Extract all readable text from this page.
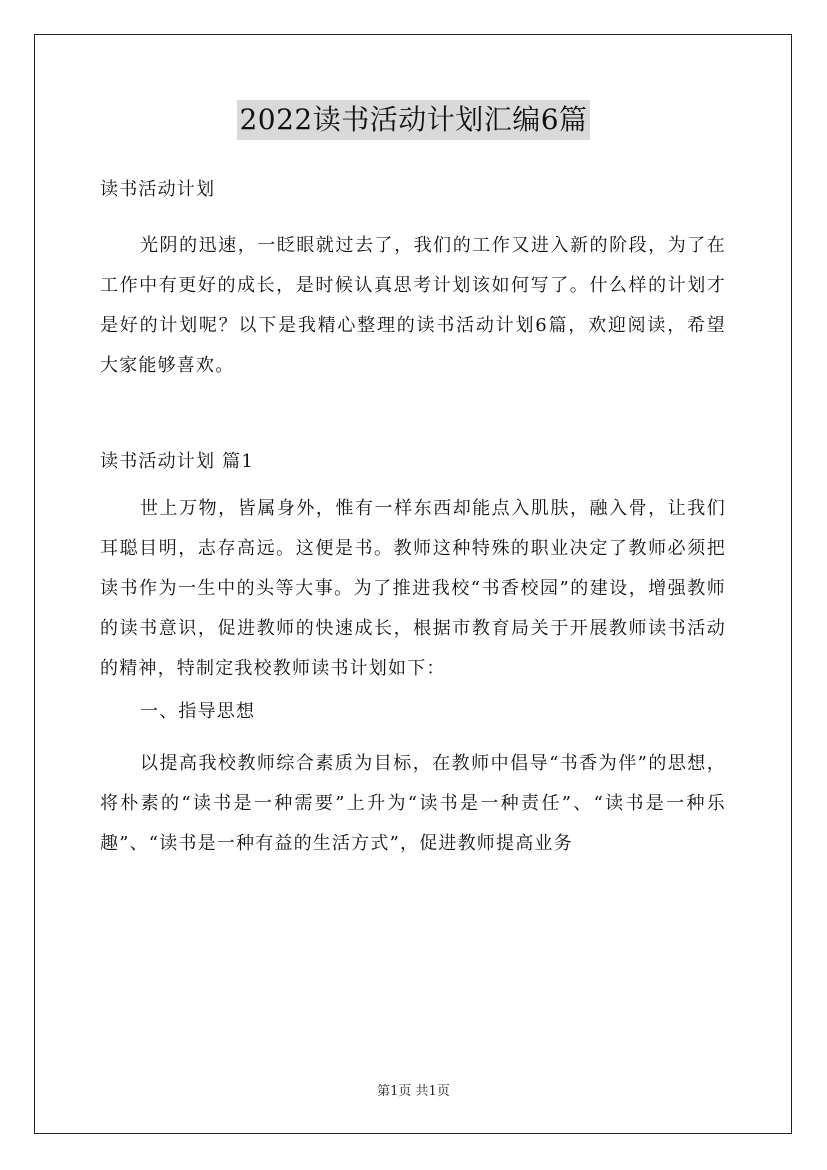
2022读书活动计划汇编6篇

读书活动计划

光阴的迅速，一眨眼就过去了，我们的工作又进入新的阶段，为了在工作中有更好的成长，是时候认真思考计划该如何写了。什么样的计划才是好的计划呢？以下是我精心整理的读书活动计划6篇，欢迎阅读，希望大家能够喜欢。

读书活动计划 篇1

世上万物，皆属身外，惟有一样东西却能点入肌肤，融入骨，让我们耳聪目明，志存高远。这便是书。教师这种特殊的职业决定了教师必须把读书作为一生中的头等大事。为了推进我校“书香校园”的建设，增强教师的读书意识，促进教师的快速成长，根据市教育局关于开展教师读书活动的精神，特制定我校教师读书计划如下：

一、指导思想

以提高我校教师综合素质为目标，在教师中倡导“书香为伴”的思想，将朴素的“读书是一种需要”上升为“读书是一种责任”、“读书是一种乐趣”、“读书是一种有益的生活方式”，促进教师提高业务

第1页 共1页
